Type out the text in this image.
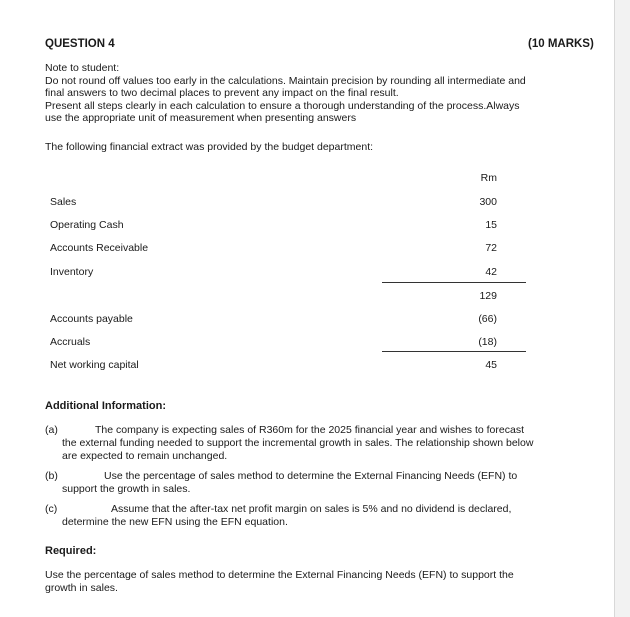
QUESTION 4	(10 MARKS)
Note to student:
Do not round off values too early in the calculations. Maintain precision by rounding all intermediate and
final answers to two decimal places to prevent any impact on the final result.
Present all steps clearly in each calculation to ensure a thorough understanding of the process.Always
use the appropriate unit of measurement when presenting answers
The following financial extract was provided by the budget department:
Rm
Sales	300
Operating Cash	15
Accounts Receivable	72
Inventory	42
129
Accounts payable	(66)
Accruals	(18)
Net working capital	45
Additional Information:
(a)	The company is expecting sales of R360m for the 2025 financial year and wishes to forecast
the external funding needed to support the incremental growth in sales. The relationship shown below
are expected to remain unchanged.
(b)	Use the percentage of sales method to determine the External Financing Needs (EFN) to
support the growth in sales.
(c)	Assume that the after-tax net profit margin on sales is 5% and no dividend is declared,
determine the new EFN using the EFN equation.
Required:
Use the percentage of sales method to determine the External Financing Needs (EFN) to support the
growth in sales.
